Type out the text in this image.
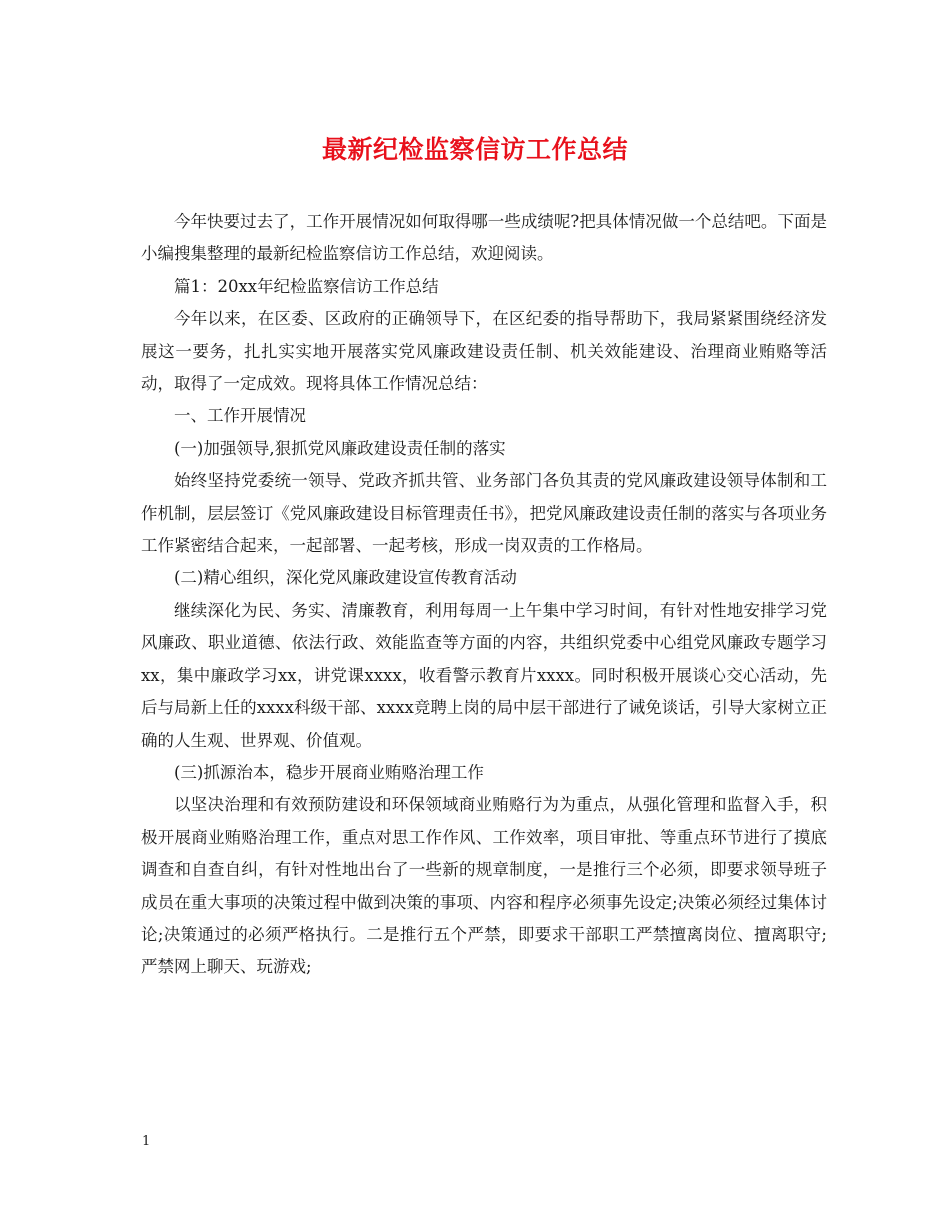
最新纪检监察信访工作总结

今年快要过去了，工作开展情况如何取得哪一些成绩呢?把具体情况做一个总结吧。下面是小编搜集整理的最新纪检监察信访工作总结，欢迎阅读。

篇1：20xx年纪检监察信访工作总结

今年以来，在区委、区政府的正确领导下，在区纪委的指导帮助下，我局紧紧围绕经济发展这一要务，扎扎实实地开展落实党风廉政建设责任制、机关效能建设、治理商业贿赂等活动，取得了一定成效。现将具体工作情况总结：

一、工作开展情况

(一)加强领导,狠抓党风廉政建设责任制的落实

始终坚持党委统一领导、党政齐抓共管、业务部门各负其责的党风廉政建设领导体制和工作机制，层层签订《党风廉政建设目标管理责任书》，把党风廉政建设责任制的落实与各项业务工作紧密结合起来，一起部署、一起考核，形成一岗双责的工作格局。

(二)精心组织，深化党风廉政建设宣传教育活动

继续深化为民、务实、清廉教育，利用每周一上午集中学习时间，有针对性地安排学习党风廉政、职业道德、依法行政、效能监查等方面的内容，共组织党委中心组党风廉政专题学习xx，集中廉政学习xx，讲党课xxxx，收看警示教育片xxxx。同时积极开展谈心交心活动，先后与局新上任的xxxx科级干部、xxxx竞聘上岗的局中层干部进行了诫免谈话，引导大家树立正确的人生观、世界观、价值观。

(三)抓源治本，稳步开展商业贿赂治理工作

以坚决治理和有效预防建设和环保领域商业贿赂行为为重点，从强化管理和监督入手，积极开展商业贿赂治理工作，重点对思工作作风、工作效率，项目审批、等重点环节进行了摸底调查和自查自纠，有针对性地出台了一些新的规章制度，一是推行三个必须，即要求领导班子成员在重大事项的决策过程中做到决策的事项、内容和程序必须事先设定;决策必须经过集体讨论;决策通过的必须严格执行。二是推行五个严禁，即要求干部职工严禁擅离岗位、擅离职守;严禁网上聊天、玩游戏;

1
